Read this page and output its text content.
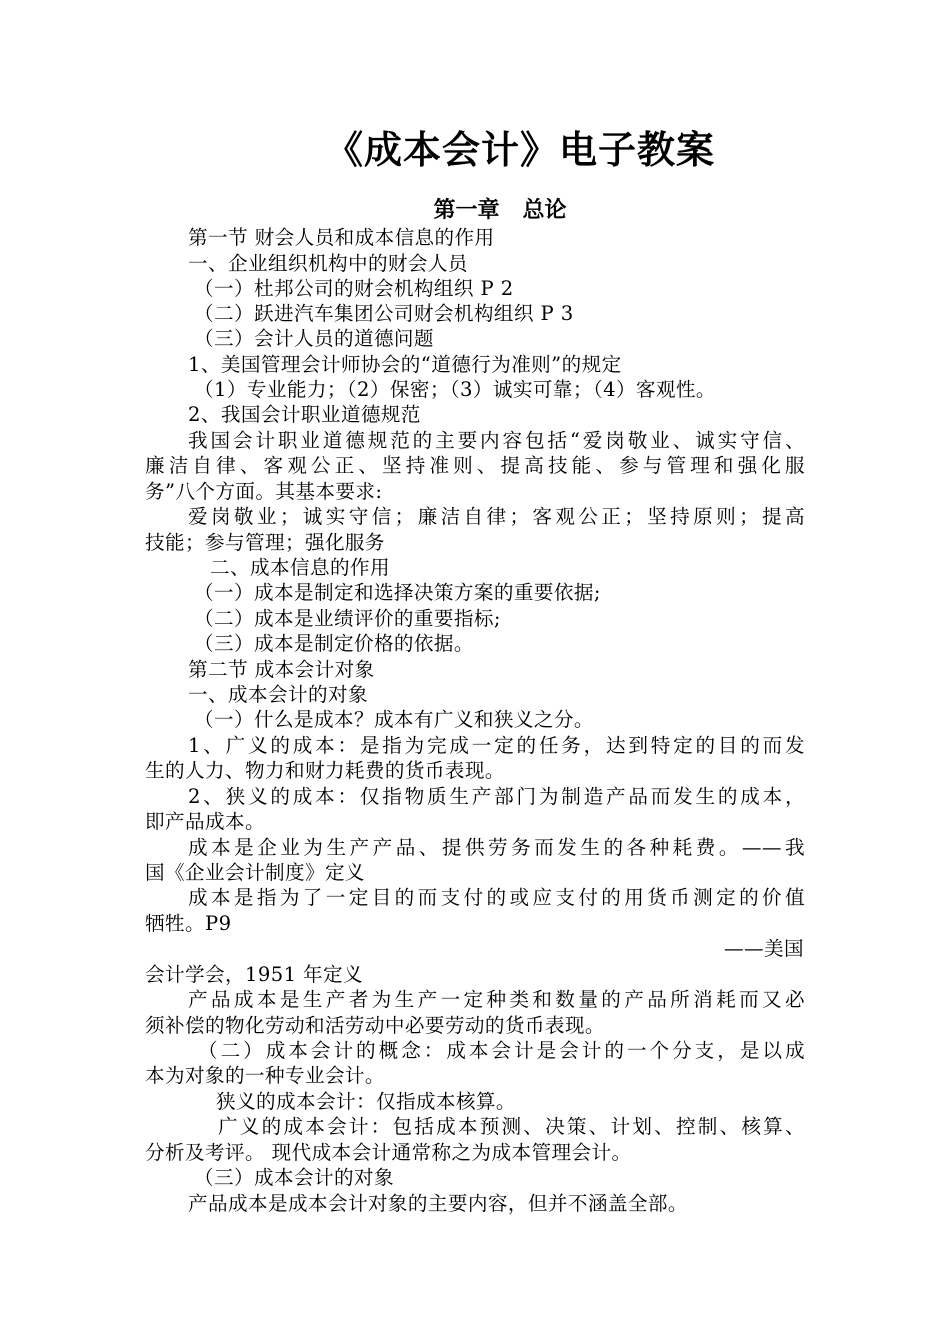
《成本会计》电子教案
第一章   总论
第一节 财会人员和成本信息的作用
一、企业组织机构中的财会人员
（一）杜邦公司的财会机构组织 P 2
（二）跃进汽车集团公司财会机构组织 P 3
（三）会计人员的道德问题
1、美国管理会计师协会的“道德行为准则”的规定
（1）专业能力；（2）保密；（3）诚实可靠；（4）客观性。
2、我国会计职业道德规范
我国会计职业道德规范的主要内容包括“爱岗敬业、诚实守信、
廉洁自律、客观公正、坚持准则、提高技能、参与管理和强化服
务”八个方面。其基本要求:
爱岗敬业；诚实守信；廉洁自律；客观公正；坚持原则；提高
技能；参与管理；强化服务
二、成本信息的作用
（一）成本是制定和选择决策方案的重要依据;
（二）成本是业绩评价的重要指标;
（三）成本是制定价格的依据。
第二节 成本会计对象
一、成本会计的对象
（一）什么是成本？成本有广义和狭义之分。
1、广义的成本：是指为完成一定的任务，达到特定的目的而发
生的人力、物力和财力耗费的货币表现。
2、狭义的成本：仅指物质生产部门为制造产品而发生的成本，
即产品成本。
成本是企业为生产产品、提供劳务而发生的各种耗费。——我
国《企业会计制度》定义
成本是指为了一定目的而支付的或应支付的用货币测定的价值
牺牲。P9
——美国
会计学会，1951 年定义
产品成本是生产者为生产一定种类和数量的产品所消耗而又必
须补偿的物化劳动和活劳动中必要劳动的货币表现。
（二）成本会计的概念：成本会计是会计的一个分支，是以成
本为对象的一种专业会计。
狭义的成本会计：仅指成本核算。
广义的成本会计：包括成本预测、决策、计划、控制、核算、
分析及考评。 现代成本会计通常称之为成本管理会计。
（三）成本会计的对象
产品成本是成本会计对象的主要内容，但并不涵盖全部。
